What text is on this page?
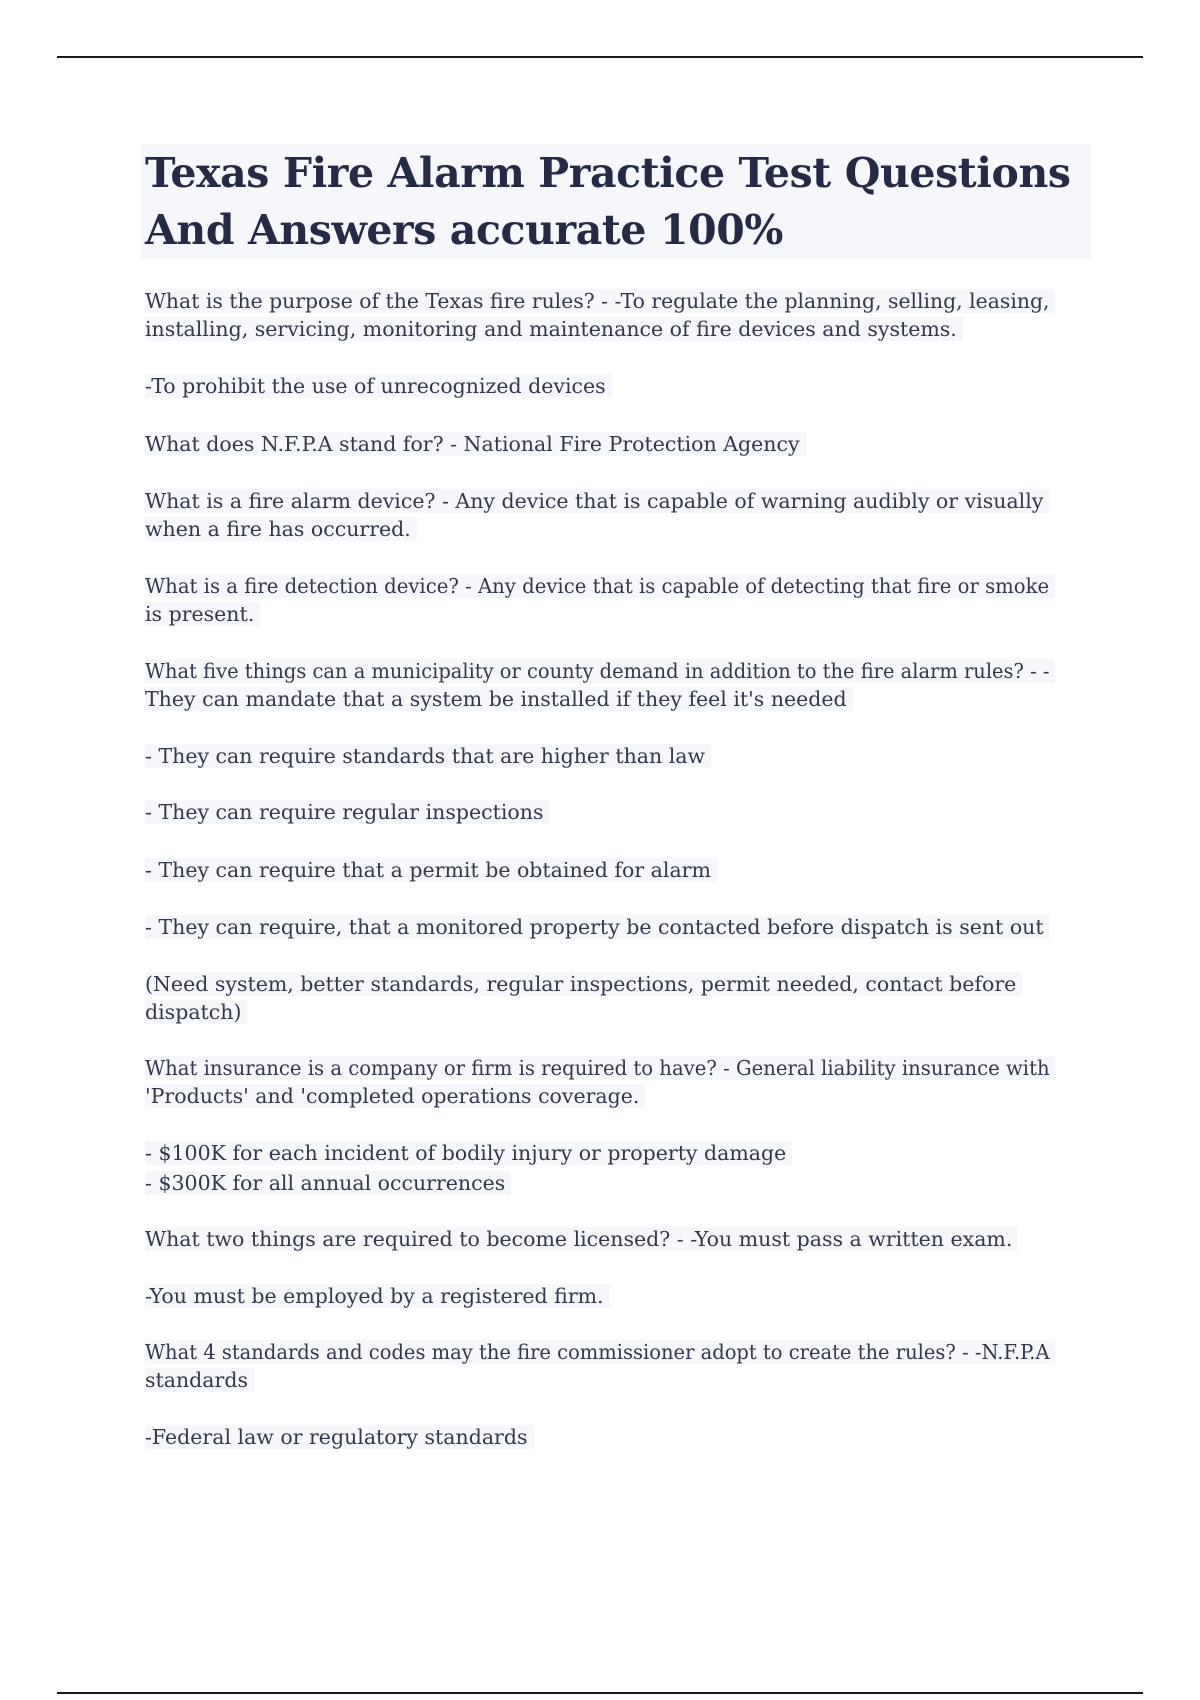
Texas Fire Alarm Practice Test Questions
And Answers accurate 100%
What is the purpose of the Texas fire rules? - -To regulate the planning, selling, leasing,
installing, servicing, monitoring and maintenance of fire devices and systems.
-To prohibit the use of unrecognized devices
What does N.F.P.A stand for? - National Fire Protection Agency
What is a fire alarm device? - Any device that is capable of warning audibly or visually
when a fire has occurred.
What is a fire detection device? - Any device that is capable of detecting that fire or smoke
is present.
What five things can a municipality or county demand in addition to the fire alarm rules? - -
They can mandate that a system be installed if they feel it's needed
- They can require standards that are higher than law
- They can require regular inspections
- They can require that a permit be obtained for alarm
- They can require, that a monitored property be contacted before dispatch is sent out
(Need system, better standards, regular inspections, permit needed, contact before
dispatch)
What insurance is a company or firm is required to have? - General liability insurance with
'Products' and 'completed operations coverage.
- $100K for each incident of bodily injury or property damage
- $300K for all annual occurrences
What two things are required to become licensed? - -You must pass a written exam.
-You must be employed by a registered firm.
What 4 standards and codes may the fire commissioner adopt to create the rules? - -N.F.P.A
standards
-Federal law or regulatory standards
